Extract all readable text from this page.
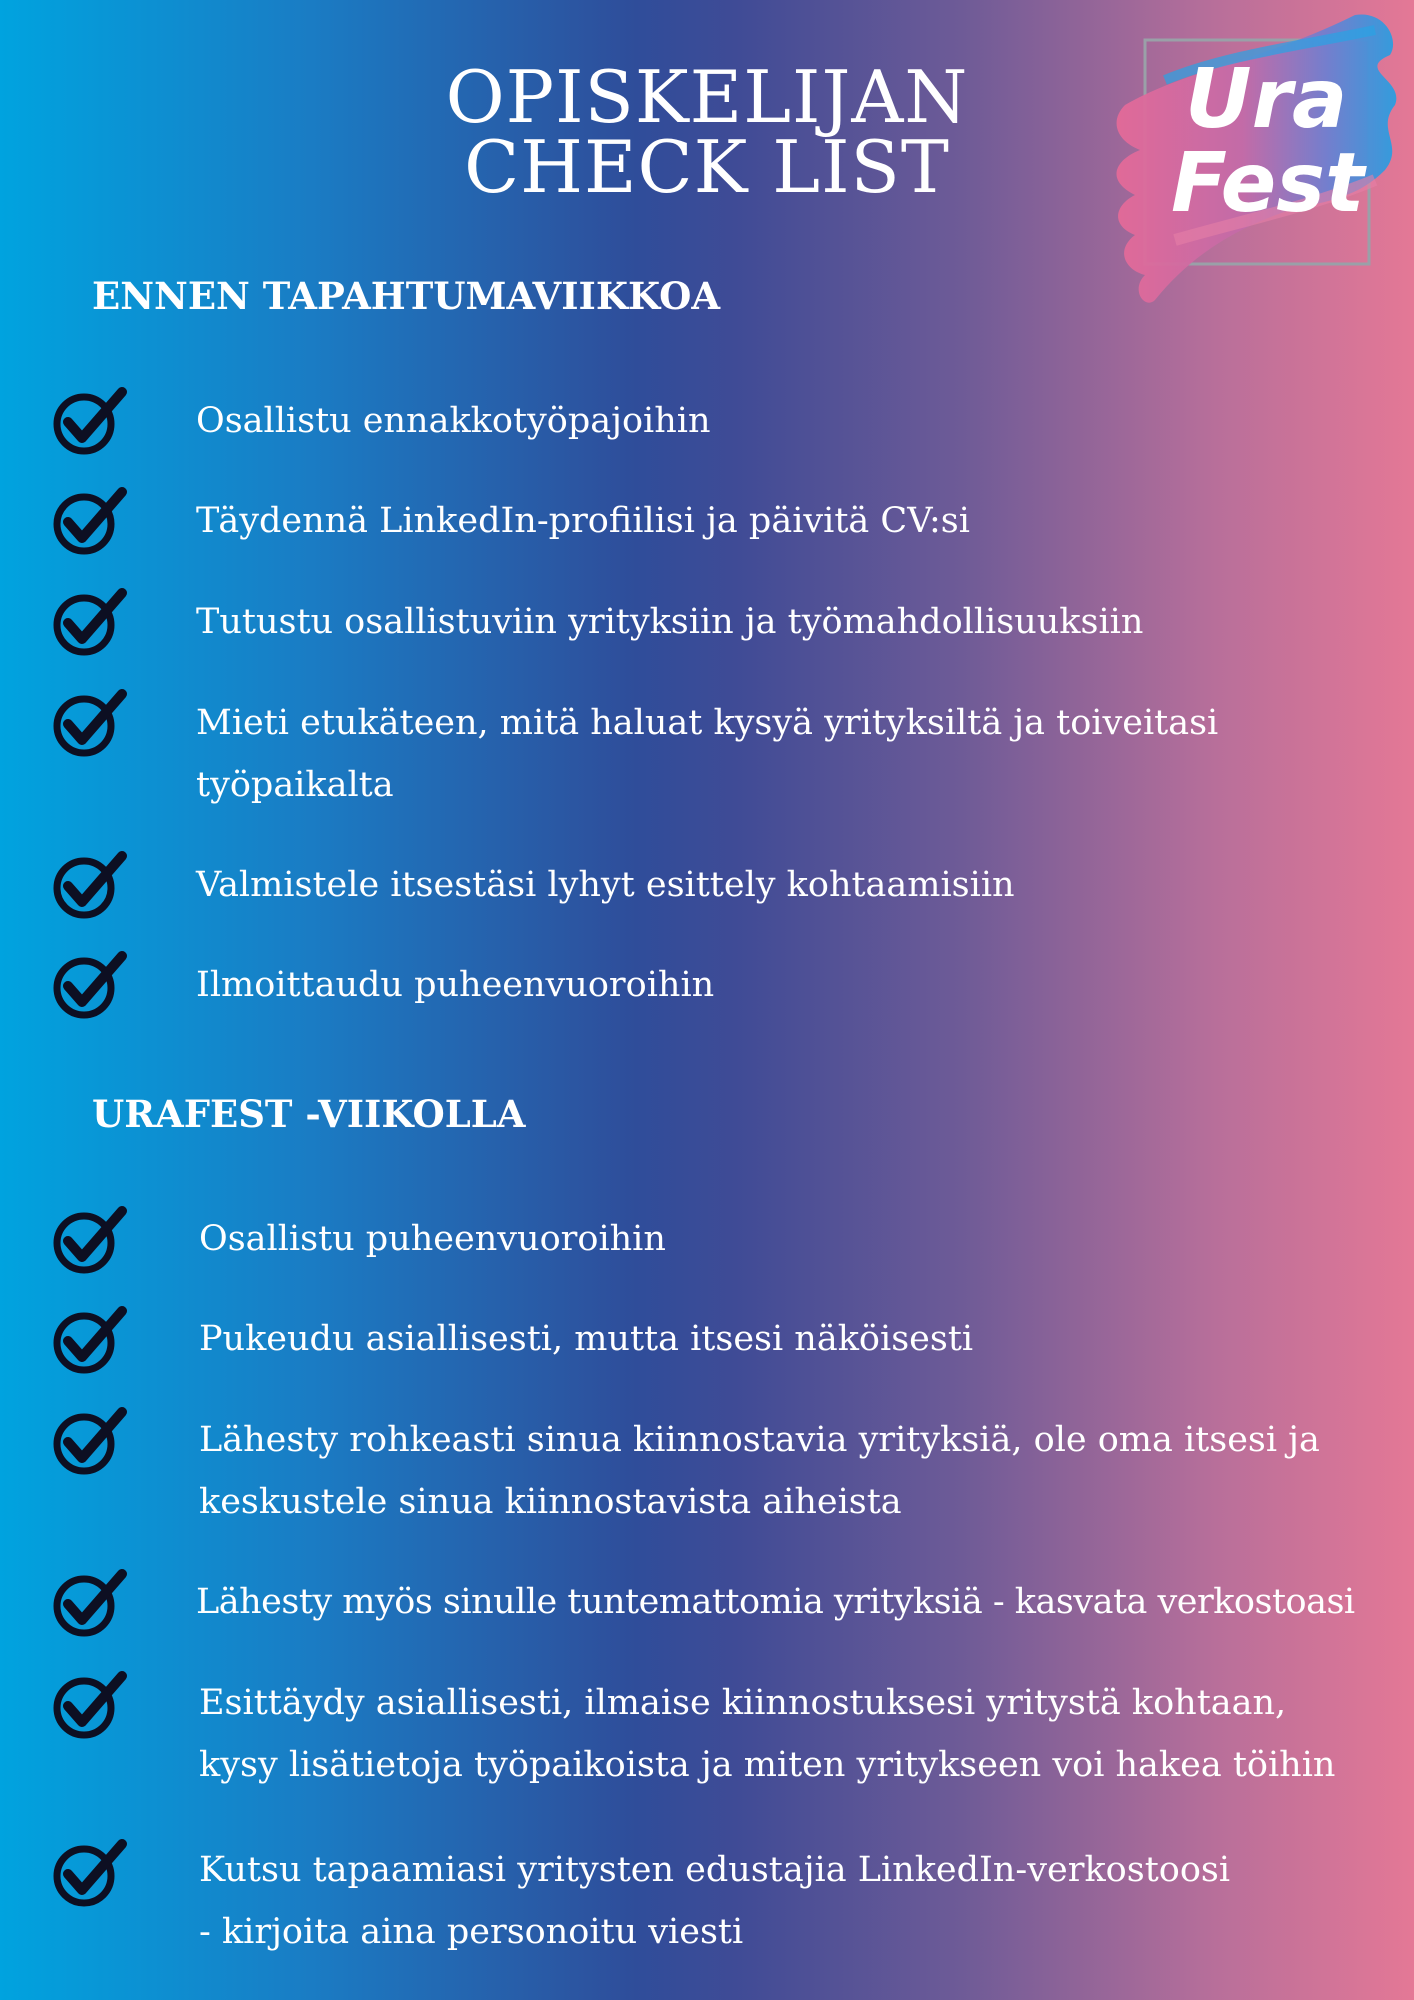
OPISKELIJAN
CHECK LIST
Ura
Fest
ENNEN TAPAHTUMAVIIKKOA
Osallistu ennakkotyöpajoihin
Täydennä LinkedIn-profiilisi ja päivitä CV:si
Tutustu osallistuviin yrityksiin ja työmahdollisuuksiin
Mieti etukäteen, mitä haluat kysyä yrityksiltä ja toiveitasi
työpaikalta
Valmistele itsestäsi lyhyt esittely kohtaamisiin
Ilmoittaudu puheenvuoroihin
URAFEST -VIIKOLLA
Osallistu puheenvuoroihin
Pukeudu asiallisesti, mutta itsesi näköisesti
Lähesty rohkeasti sinua kiinnostavia yrityksiä, ole oma itsesi ja
keskustele sinua kiinnostavista aiheista
Lähesty myös sinulle tuntemattomia yrityksiä - kasvata verkostoasi
Esittäydy asiallisesti, ilmaise kiinnostuksesi yritystä kohtaan,
kysy lisätietoja työpaikoista ja miten yritykseen voi hakea töihin
Kutsu tapaamiasi yritysten edustajia LinkedIn-verkostoosi
- kirjoita aina personoitu viesti
